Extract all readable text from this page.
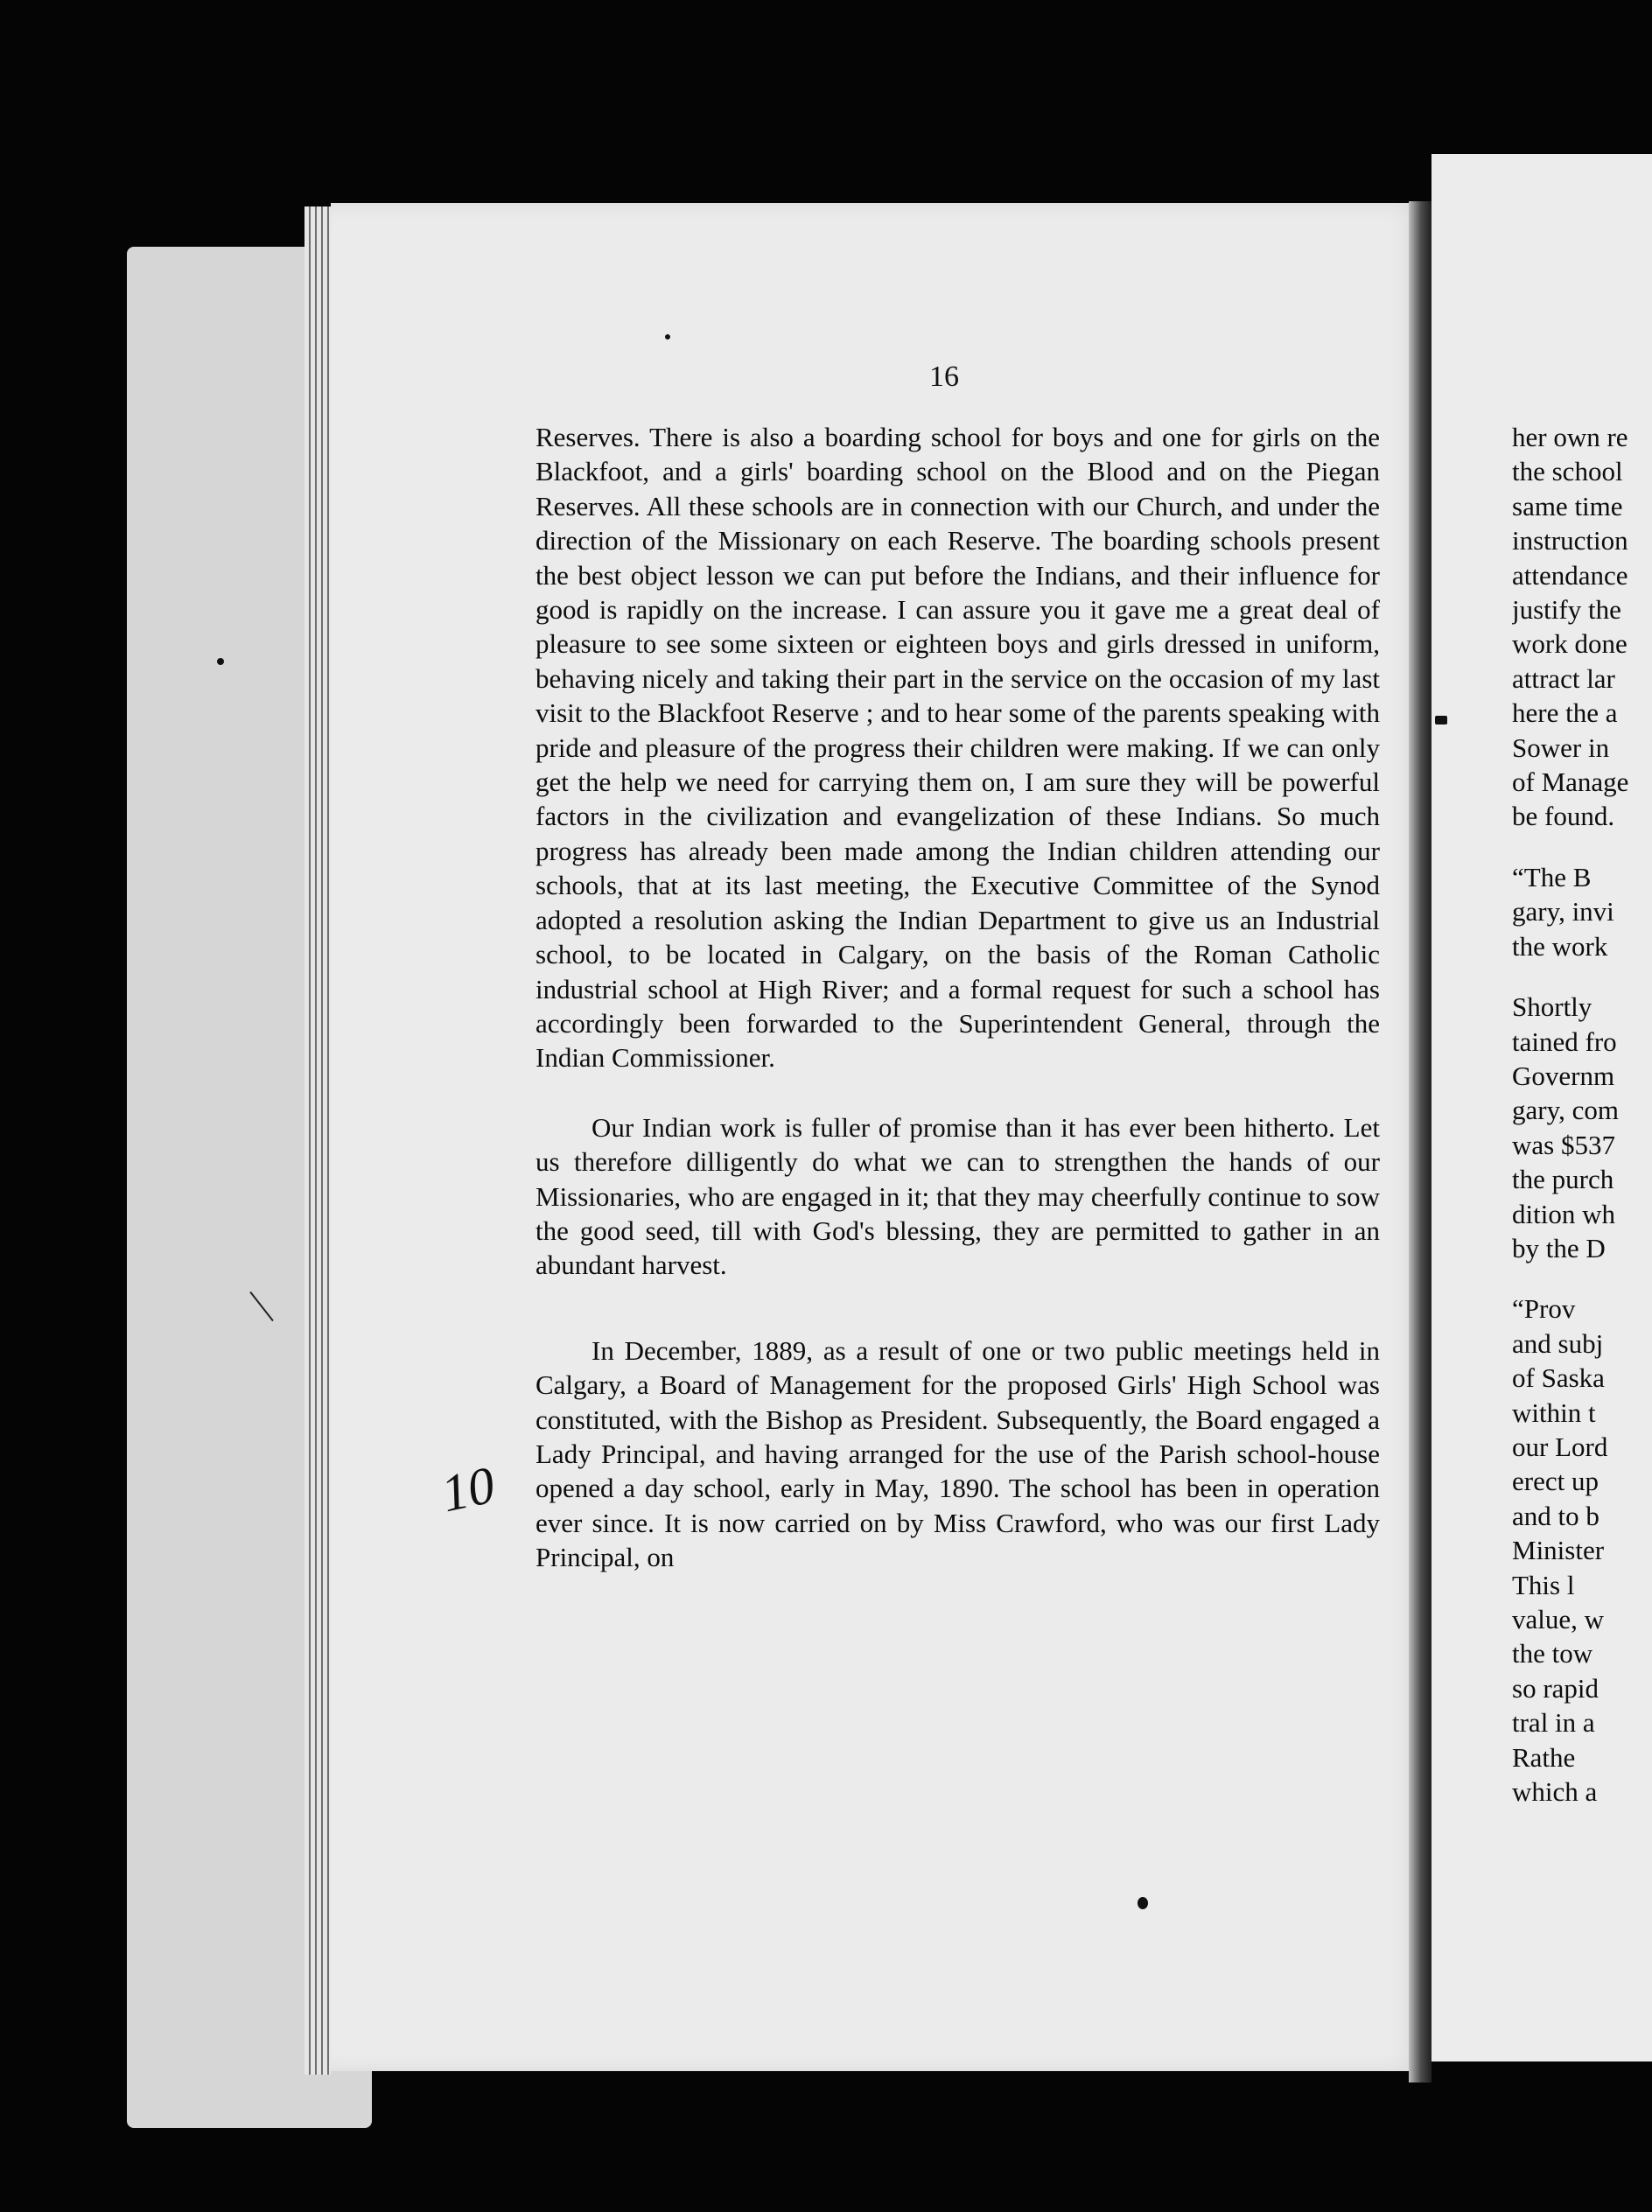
16

Reserves. There is also a boarding school for boys and one for girls on the Blackfoot, and a girls' boarding school on the Blood and on the Piegan Reserves. All these schools are in connection with our Church, and under the direction of the Missionary on each Reserve. The boarding schools present the best object lesson we can put before the Indians, and their influence for good is rapidly on the increase. I can assure you it gave me a great deal of pleasure to see some sixteen or eighteen boys and girls dressed in uniform, behaving nicely and taking their part in the service on the occasion of my last visit to the Blackfoot Reserve ; and to hear some of the parents speaking with pride and pleasure of the progress their children were making. If we can only get the help we need for carrying them on, I am sure they will be powerful factors in the civilization and evangelization of these Indians. So much progress has already been made among the Indian children attending our schools, that at its last meeting, the Executive Committee of the Synod adopted a resolution asking the Indian Department to give us an Industrial school, to be located in Calgary, on the basis of the Roman Catholic industrial school at High River; and a formal request for such a school has accordingly been forwarded to the Superintendent General, through the Indian Commissioner.

Our Indian work is fuller of promise than it has ever been hitherto. Let us therefore dilligently do what we can to strengthen the hands of our Missionaries, who are engaged in it; that they may cheerfully continue to sow the good seed, till with God's blessing, they are permitted to gather in an abundant harvest.

In December, 1889, as a result of one or two public meetings held in Calgary, a Board of Management for the proposed Girls' High School was constituted, with the Bishop as President. Subsequently, the Board engaged a Lady Principal, and having arranged for the use of the Parish school-house opened a day school, early in May, 1890. The school has been in operation ever since. It is now carried on by Miss Crawford, who was our first Lady Principal, on

10
her own re
the school
same time
instruction
attendance
justify the
work done
attract lar
here the a
Sower in
of Manage
be found.
“The B
gary, invi
the work
Shortly
tained fro
Governm
gary, com
was $537
the purch
dition wh
by the D
“Prov
and subj
of Saska
within t
our Lord
erect up
and to b
Minister
This l
value, w
the tow
so rapid
tral in a
Rathe
which a
